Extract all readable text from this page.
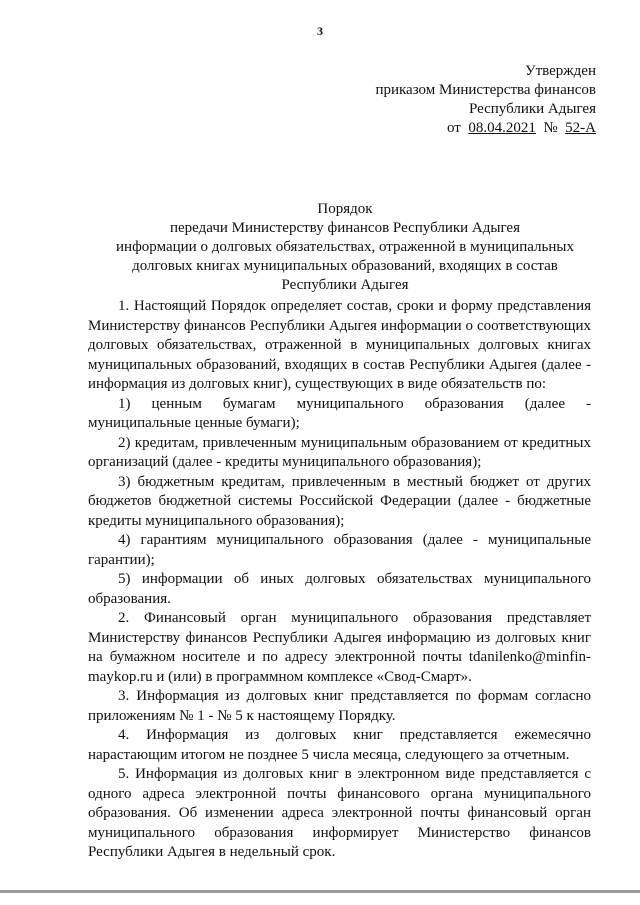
3
Утвержден
приказом Министерства финансов
Республики Адыгея
от 08.04.2021 № 52-А
Порядок
передачи Министерству финансов Республики Адыгея
информации о долговых обязательствах, отраженной в муниципальных
долговых книгах муниципальных образований, входящих в состав
Республики Адыгея

1. Настоящий Порядок определяет состав, сроки и форму представления Министерству финансов Республики Адыгея информации о соответствующих долговых обязательствах, отраженной в муниципальных долговых книгах муниципальных образований, входящих в состав Республики Адыгея (далее - информация из долговых книг), существующих в виде обязательств по:

1) ценным бумагам муниципального образования (далее - муниципальные ценные бумаги);

2) кредитам, привлеченным муниципальным образованием от кредитных организаций (далее - кредиты муниципального образования);

3) бюджетным кредитам, привлеченным в местный бюджет от других бюджетов бюджетной системы Российской Федерации (далее - бюджетные кредиты муниципального образования);

4) гарантиям муниципального образования (далее - муниципальные гарантии);

5) информации об иных долговых обязательствах муниципального образования.

2. Финансовый орган муниципального образования представляет Министерству финансов Республики Адыгея информацию из долговых книг на бумажном носителе и по адресу электронной почты tdanilenko@minfin-maykop.ru и (или) в программном комплексе «Свод-Смарт».

3. Информация из долговых книг представляется по формам согласно приложениям № 1 - № 5 к настоящему Порядку.

4. Информация из долговых книг представляется ежемесячно нарастающим итогом не позднее 5 числа месяца, следующего за отчетным.

5. Информация из долговых книг в электронном виде представляется с одного адреса электронной почты финансового органа муниципального образования. Об изменении адреса электронной почты финансовый орган муниципального образования информирует Министерство финансов Республики Адыгея в недельный срок.
